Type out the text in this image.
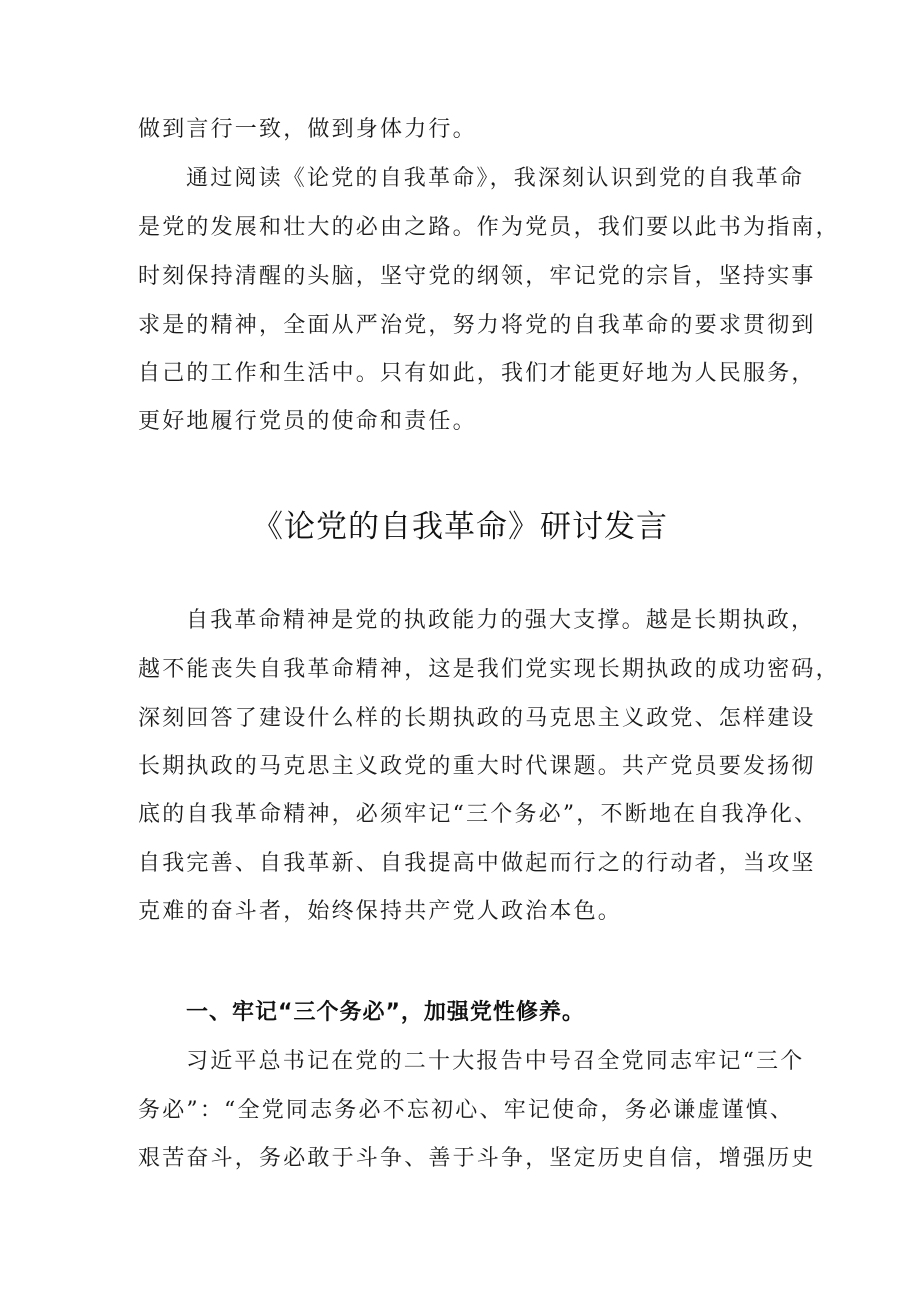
做到言行一致，做到身体力行。

通过阅读《论党的自我革命》，我深刻认识到党的自我革命

是党的发展和壮大的必由之路。作为党员，我们要以此书为指南，

时刻保持清醒的头脑，坚守党的纲领，牢记党的宗旨，坚持实事

求是的精神，全面从严治党，努力将党的自我革命的要求贯彻到

自己的工作和生活中。只有如此，我们才能更好地为人民服务，

更好地履行党员的使命和责任。

《论党的自我革命》研讨发言

自我革命精神是党的执政能力的强大支撑。越是长期执政，

越不能丧失自我革命精神，这是我们党实现长期执政的成功密码，

深刻回答了建设什么样的长期执政的马克思主义政党、怎样建设

长期执政的马克思主义政党的重大时代课题。共产党员要发扬彻

底的自我革命精神，必须牢记“三个务必”，不断地在自我净化、

自我完善、自我革新、自我提高中做起而行之的行动者，当攻坚

克难的奋斗者，始终保持共产党人政治本色。

一、牢记“三个务必”，加强党性修养。

习近平总书记在党的二十大报告中号召全党同志牢记“三个

务必”：“全党同志务必不忘初心、牢记使命，务必谦虚谨慎、

艰苦奋斗，务必敢于斗争、善于斗争，坚定历史自信，增强历史
